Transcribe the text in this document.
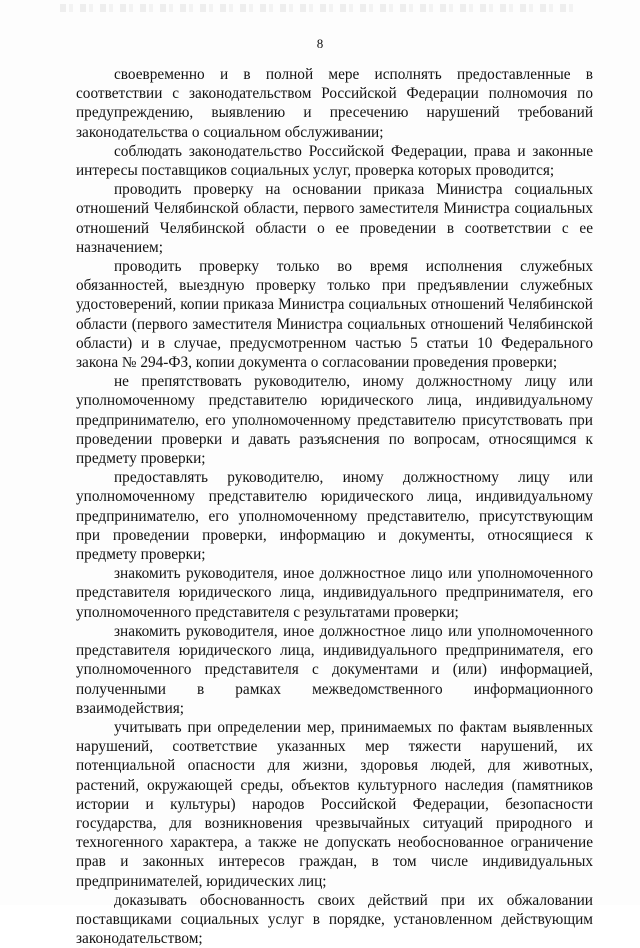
8

своевременно и в полной мере исполнять предоставленные в соответствии с законодательством Российской Федерации полномочия по предупреждению, выявлению и пресечению нарушений требований законодательства о социальном обслуживании;

соблюдать законодательство Российской Федерации, права и законные интересы поставщиков социальных услуг, проверка которых проводится;

проводить проверку на основании приказа Министра социальных отношений Челябинской области, первого заместителя Министра социальных отношений Челябинской области о ее проведении в соответствии с ее назначением;

проводить проверку только во время исполнения служебных обязанностей, выездную проверку только при предъявлении служебных удостоверений, копии приказа Министра социальных отношений Челябинской области (первого заместителя Министра социальных отношений Челябинской области) и в случае, предусмотренном частью 5 статьи 10 Федерального закона № 294-ФЗ, копии документа о согласовании проведения проверки;

не препятствовать руководителю, иному должностному лицу или уполномоченному представителю юридического лица, индивидуальному предпринимателю, его уполномоченному представителю присутствовать при проведении проверки и давать разъяснения по вопросам, относящимся к предмету проверки;

предоставлять руководителю, иному должностному лицу или уполномоченному представителю юридического лица, индивидуальному предпринимателю, его уполномоченному представителю, присутствующим при проведении проверки, информацию и документы, относящиеся к предмету проверки;

знакомить руководителя, иное должностное лицо или уполномоченного представителя юридического лица, индивидуального предпринимателя, его уполномоченного представителя с результатами проверки;

знакомить руководителя, иное должностное лицо или уполномоченного представителя юридического лица, индивидуального предпринимателя, его уполномоченного представителя с документами и (или) информацией, полученными в рамках межведомственного информационного взаимодействия;

учитывать при определении мер, принимаемых по фактам выявленных нарушений, соответствие указанных мер тяжести нарушений, их потенциальной опасности для жизни, здоровья людей, для животных, растений, окружающей среды, объектов культурного наследия (памятников истории и культуры) народов Российской Федерации, безопасности государства, для возникновения чрезвычайных ситуаций природного и техногенного характера, а также не допускать необоснованное ограничение прав и законных интересов граждан, в том числе индивидуальных предпринимателей, юридических лиц;

доказывать обоснованность своих действий при их обжаловании поставщиками социальных услуг в порядке, установленном действующим законодательством;
